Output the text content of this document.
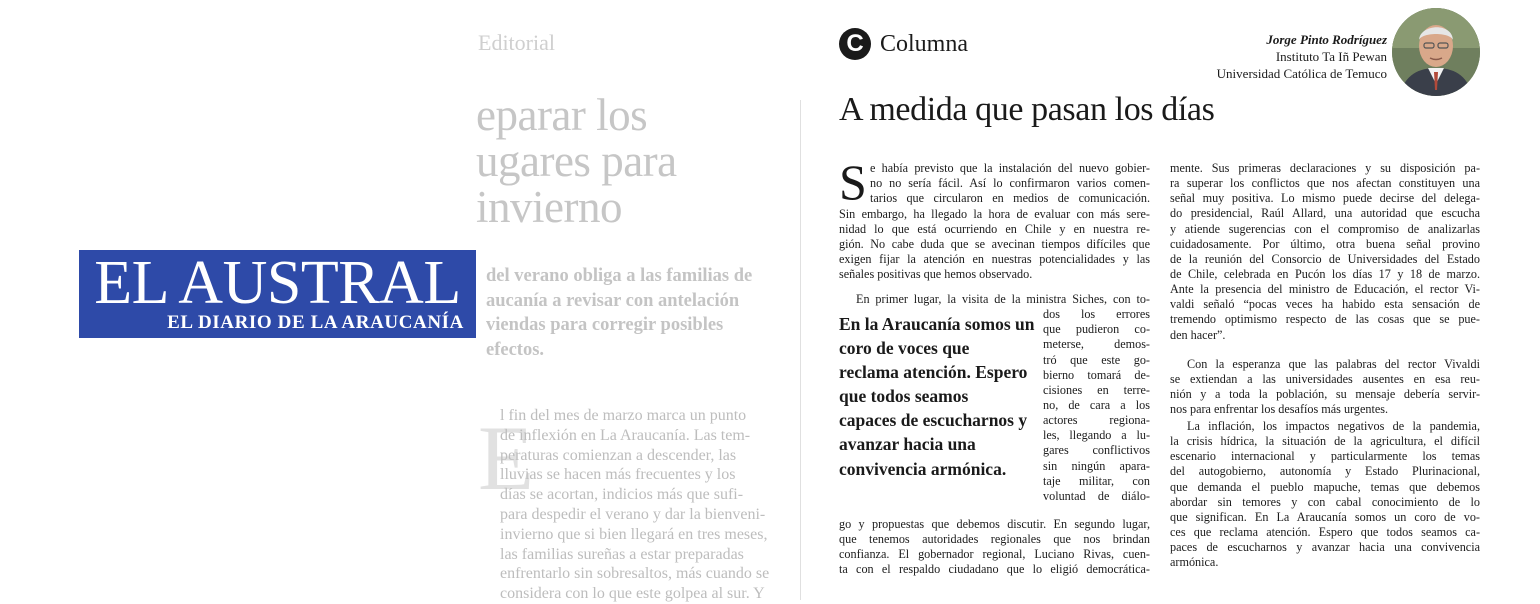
Editorial
eparar los
ugares para
invierno
del verano obliga a las familias de
aucanía a revisar con antelación
viendas para corregir posibles
efectos.
E
l fin del mes de marzo marca un punto
de inflexión en La Araucanía. Las tem-
peraturas comienzan a descender, las
lluvias se hacen más frecuentes y los
días se acortan, indicios más que sufi-
para despedir el verano y dar la bienveni-
invierno que si bien llegará en tres meses,
las familias sureñas a estar preparadas
enfrentarlo sin sobresaltos, más cuando se
considera con lo que este golpea al sur. Y
EL AUSTRAL
EL DIARIO DE LA ARAUCANÍA
C Columna	Jorge Pinto Rodríguez
Instituto Ta Iñ Pewan
Universidad Católica de Temuco
A medida que pasan los días
S e había previsto que la instalación del nuevo gobier-
no no sería fácil. Así lo confirmaron varios comen-
tarios que circularon en medios de comunicación.
Sin embargo, ha llegado la hora de evaluar con más sere-
nidad lo que está ocurriendo en Chile y en nuestra re-
gión. No cabe duda que se avecinan tiempos difíciles que
exigen fijar la atención en nuestras potencialidades y las
señales positivas que hemos observado.
En primer lugar, la visita de la ministra Siches, con to-
dos los errores
que pudieron co-
meterse, demos-
tró que este go-
bierno tomará de-
cisiones en terre-
no, de cara a los
actores regiona-
les, llegando a lu-
gares conflictivos
sin ningún apara-
taje militar, con
voluntad de diálo-
En la Araucanía somos un
coro de voces que
reclama atención. Espero
que todos seamos
capaces de escucharnos y
avanzar hacia una
convivencia armónica.
go y propuestas que debemos discutir. En segundo lugar,
que tenemos autoridades regionales que nos brindan
confianza. El gobernador regional, Luciano Rivas, cuen-
ta con el respaldo ciudadano que lo eligió democrática-
mente. Sus primeras declaraciones y su disposición pa-
ra superar los conflictos que nos afectan constituyen una
señal muy positiva. Lo mismo puede decirse del delega-
do presidencial, Raúl Allard, una autoridad que escucha
y atiende sugerencias con el compromiso de analizarlas
cuidadosamente. Por último, otra buena señal provino
de la reunión del Consorcio de Universidades del Estado
de Chile, celebrada en Pucón los días 17 y 18 de marzo.
Ante la presencia del ministro de Educación, el rector Vi-
valdi señaló “pocas veces ha habido esta sensación de
tremendo optimismo respecto de las cosas que se pue-
den hacer”.
Con la esperanza que las palabras del rector Vivaldi
se extiendan a las universidades ausentes en esa reu-
nión y a toda la población, su mensaje debería servir-
nos para enfrentar los desafíos más urgentes.
La inflación, los impactos negativos de la pandemia,
la crisis hídrica, la situación de la agricultura, el difícil
escenario internacional y particularmente los temas
del autogobierno, autonomía y Estado Plurinacional,
que demanda el pueblo mapuche, temas que debemos
abordar sin temores y con cabal conocimiento de lo
que significan. En La Araucanía somos un coro de vo-
ces que reclama atención. Espero que todos seamos ca-
paces de escucharnos y avanzar hacia una convivencia
armónica.
